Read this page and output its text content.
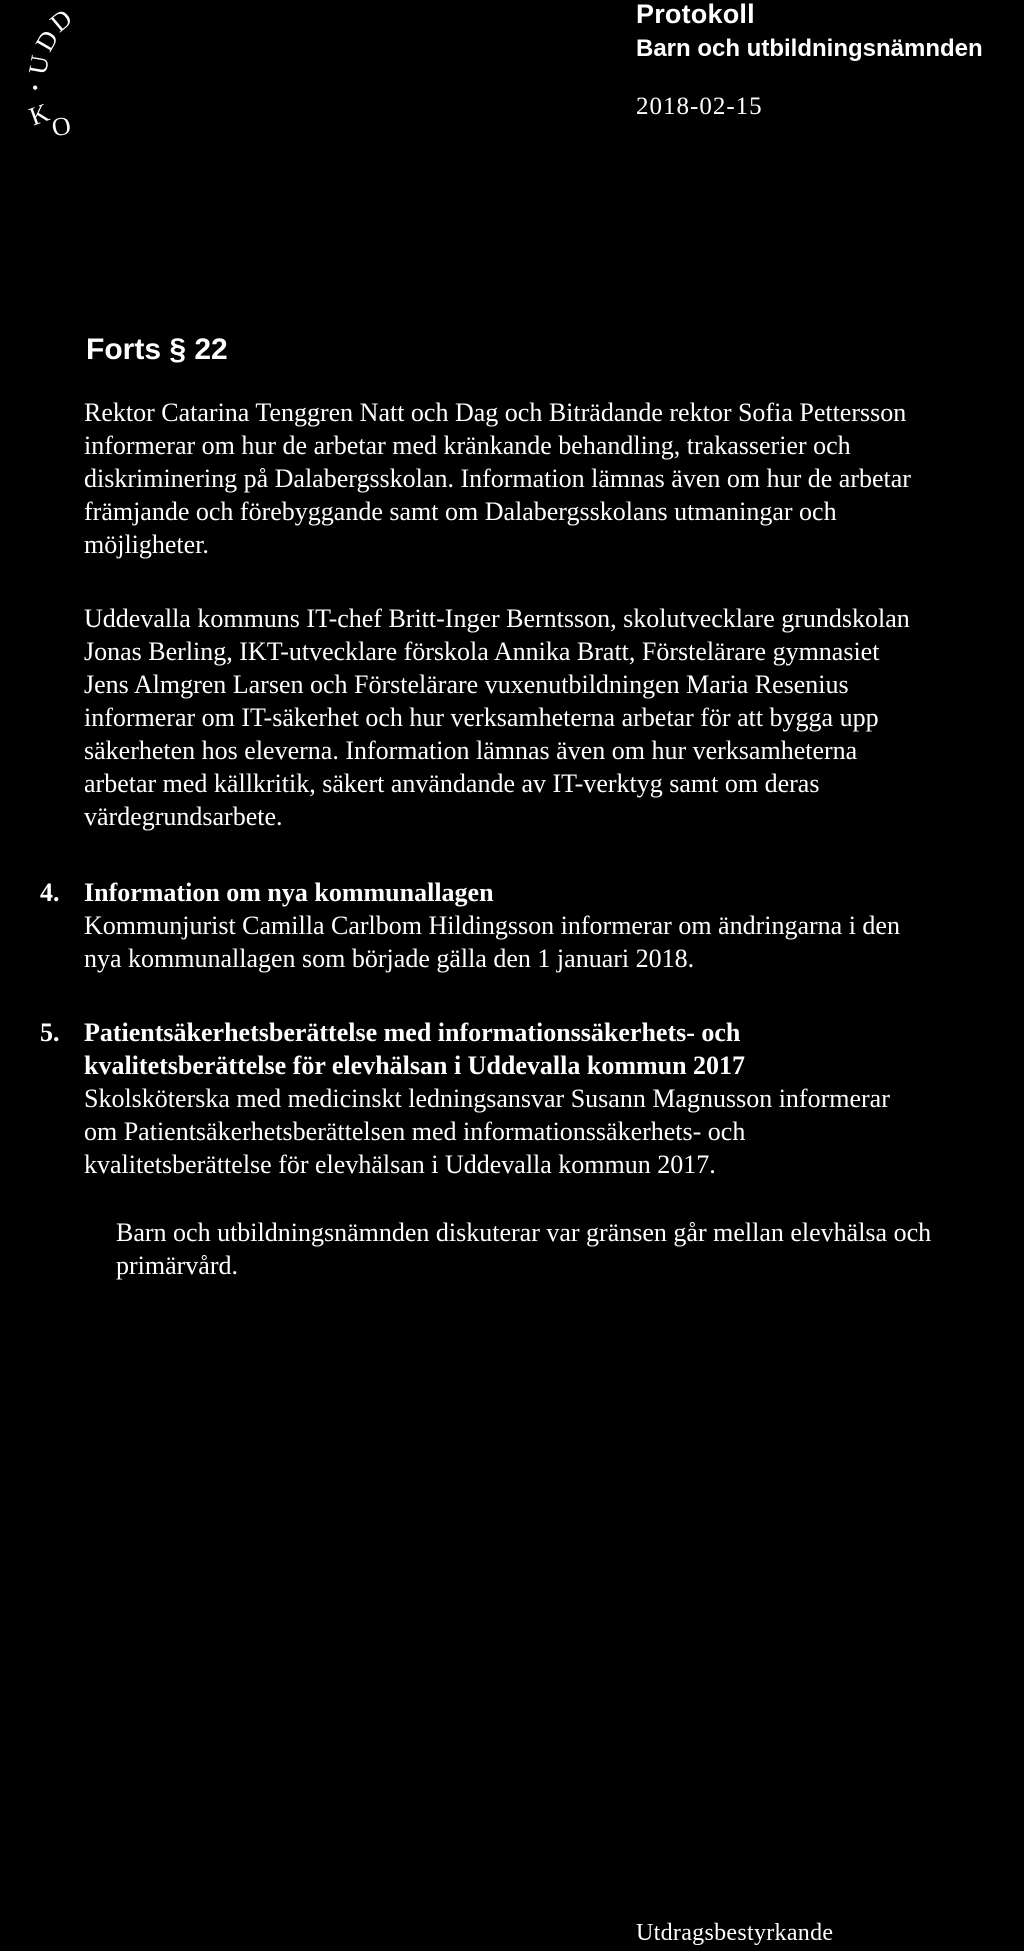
U
D
D
•
K
O
Protokoll
Barn och utbildningsnämnden
2018-02-15
Forts § 22
Rektor Catarina Tenggren Natt och Dag och Biträdande rektor Sofia Pettersson
informerar om hur de arbetar med kränkande behandling, trakasserier och
diskriminering på Dalabergsskolan. Information lämnas även om hur de arbetar
främjande och förebyggande samt om Dalabergsskolans utmaningar och
möjligheter.
Uddevalla kommuns IT-chef Britt-Inger Berntsson, skolutvecklare grundskolan
Jonas Berling, IKT-utvecklare förskola Annika Bratt, Förstelärare gymnasiet
Jens Almgren Larsen och Förstelärare vuxenutbildningen Maria Resenius
informerar om IT-säkerhet och hur verksamheterna arbetar för att bygga upp
säkerheten hos eleverna. Information lämnas även om hur verksamheterna
arbetar med källkritik, säkert användande av IT-verktyg samt om deras
värdegrundsarbete.
4. Information om nya kommunallagen
Kommunjurist Camilla Carlbom Hildingsson informerar om ändringarna i den
nya kommunallagen som började gälla den 1 januari 2018.
5. Patientsäkerhetsberättelse med informationssäkerhets- och
kvalitetsberättelse för elevhälsan i Uddevalla kommun 2017
Skolsköterska med medicinskt ledningsansvar Susann Magnusson informerar
om Patientsäkerhetsberättelsen med informationssäkerhets- och
kvalitetsberättelse för elevhälsan i Uddevalla kommun 2017.
Barn och utbildningsnämnden diskuterar var gränsen går mellan elevhälsa och
primärvård.
Utdragsbestyrkande
